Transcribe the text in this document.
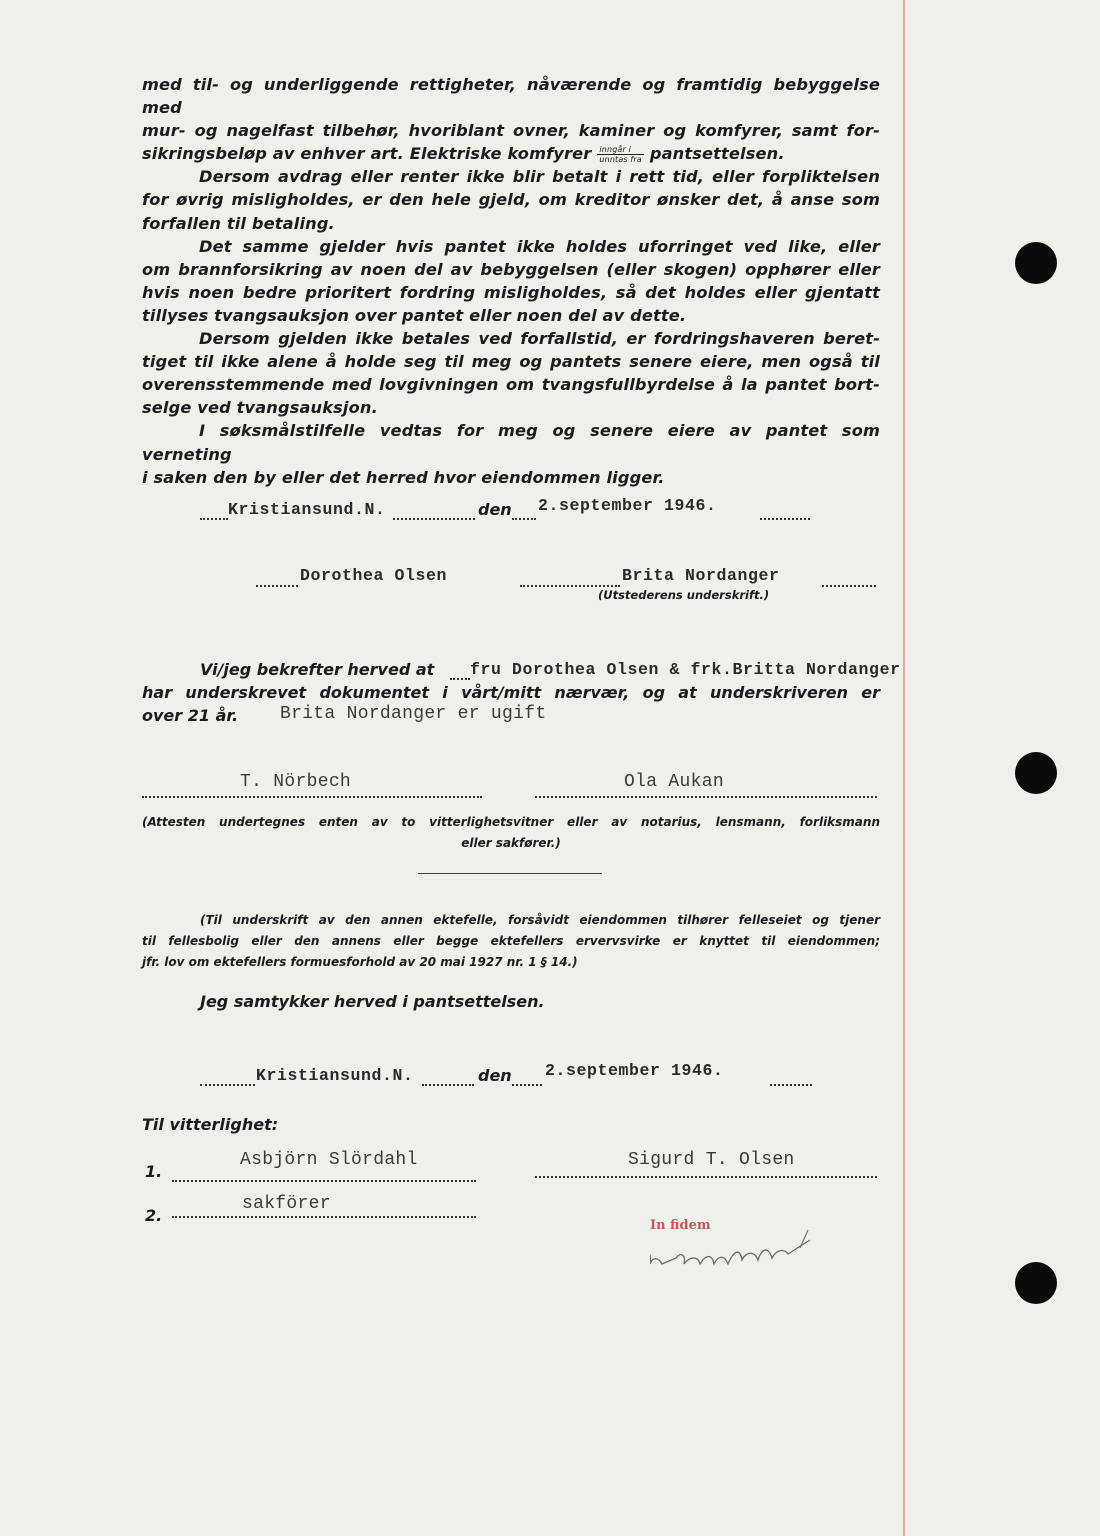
med til- og underliggende rettigheter, nåværende og framtidig bebyggelse med

mur- og nagelfast tilbehør, hvoriblant ovner, kaminer og komfyrer, samt for-

sikringsbeløp av enhver art. Elektriske komfyrer $\frac{\text{inngår i}}{\text{unntas fra}}$ pantsettelsen.

Dersom avdrag eller renter ikke blir betalt i rett tid, eller forpliktelsen

for øvrig misligholdes, er den hele gjeld, om kreditor ønsker det, å anse som

forfallen til betaling.

Det samme gjelder hvis pantet ikke holdes uforringet ved like, eller

om brannforsikring av noen del av bebyggelsen (eller skogen) opphører eller

hvis noen bedre prioritert fordring misligholdes, så det holdes eller gjentatt

tillyses tvangsauksjon over pantet eller noen del av dette.

Dersom gjelden ikke betales ved forfallstid, er fordringshaveren beret-

tiget til ikke alene å holde seg til meg og pantets senere eiere, men også til

overensstemmende med lovgivningen om tvangsfullbyrdelse å la pantet bort-

selge ved tvangsauksjon.

I søksmålstilfelle vedtas for meg og senere eiere av pantet som verneting

i saken den by eller det herred hvor eiendommen ligger.

Kristiansund.N.	den 2.september 1946.
Dorothea Olsen	Brita Nordanger
(Utstederens underskrift.)
Vi/jeg bekrefter herved at fru Dorothea Olsen & frk.Britta Nordanger
har underskrevet dokumentet i vårt/mitt nærvær, og at underskriveren er
over 21 år. Brita Nordanger er ugift
T. Nörbech	Ola Aukan

(Attesten undertegnes enten av to vitterlighetsvitner eller av notarius, lensmann, forliksmann

eller sakfører.)

(Til underskrift av den annen ektefelle, forsåvidt eiendommen tilhører felleseiet og tjener

til fellesbolig eller den annens eller begge ektefellers ervervsvirke er knyttet til eiendommen;

jfr. lov om ektefellers formuesforhold av 20 mai 1927 nr. 1 § 14.)

Jeg samtykker herved i pantsettelsen.
Kristiansund.N.	den 2.september 1946.
Til vitterlighet:
1.
Asbjörn Slördahl	Sigurd T. Olsen
2.
sakförer
In fidem
